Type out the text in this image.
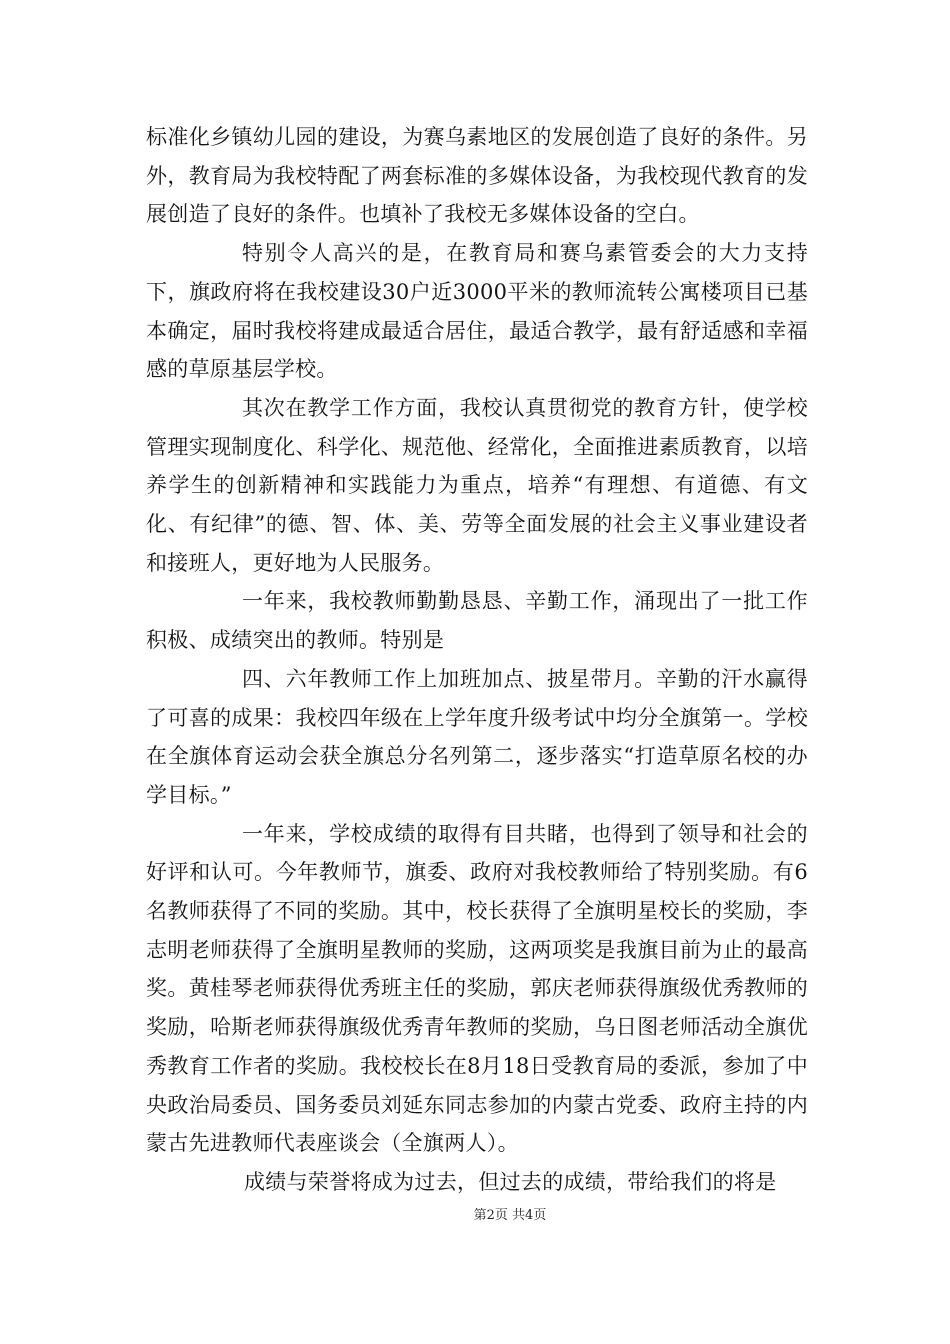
标准化乡镇幼儿园的建设，为赛乌素地区的发展创造了良好的条件。另外，教育局为我校特配了两套标准的多媒体设备，为我校现代教育的发展创造了良好的条件。也填补了我校无多媒体设备的空白。

特别令人高兴的是，在教育局和赛乌素管委会的大力支持下，旗政府将在我校建设30户近3000平米的教师流转公寓楼项目已基本确定，届时我校将建成最适合居住，最适合教学，最有舒适感和幸福感的草原基层学校。

其次在教学工作方面，我校认真贯彻党的教育方针，使学校管理实现制度化、科学化、规范他、经常化，全面推进素质教育，以培养学生的创新精神和实践能力为重点，培养“有理想、有道德、有文化、有纪律”的德、智、体、美、劳等全面发展的社会主义事业建设者和接班人，更好地为人民服务。

一年来，我校教师勤勤恳恳、辛勤工作，涌现出了一批工作积极、成绩突出的教师。特别是

四、六年教师工作上加班加点、披星带月。辛勤的汗水赢得了可喜的成果：我校四年级在上学年度升级考试中均分全旗第一。学校在全旗体育运动会获全旗总分名列第二，逐步落实“打造草原名校的办学目标。”

一年来，学校成绩的取得有目共睹，也得到了领导和社会的好评和认可。今年教师节，旗委、政府对我校教师给了特别奖励。有6名教师获得了不同的奖励。其中，校长获得了全旗明星校长的奖励，李志明老师获得了全旗明星教师的奖励，这两项奖是我旗目前为止的最高奖。黄桂琴老师获得优秀班主任的奖励，郭庆老师获得旗级优秀教师的奖励，哈斯老师获得旗级优秀青年教师的奖励，乌日图老师活动全旗优秀教育工作者的奖励。我校校长在8月18日受教育局的委派，参加了中央政治局委员、国务委员刘延东同志参加的内蒙古党委、政府主持的内蒙古先进教师代表座谈会（全旗两人）。

成绩与荣誉将成为过去，但过去的成绩，带给我们的将是

第2页 共4页
